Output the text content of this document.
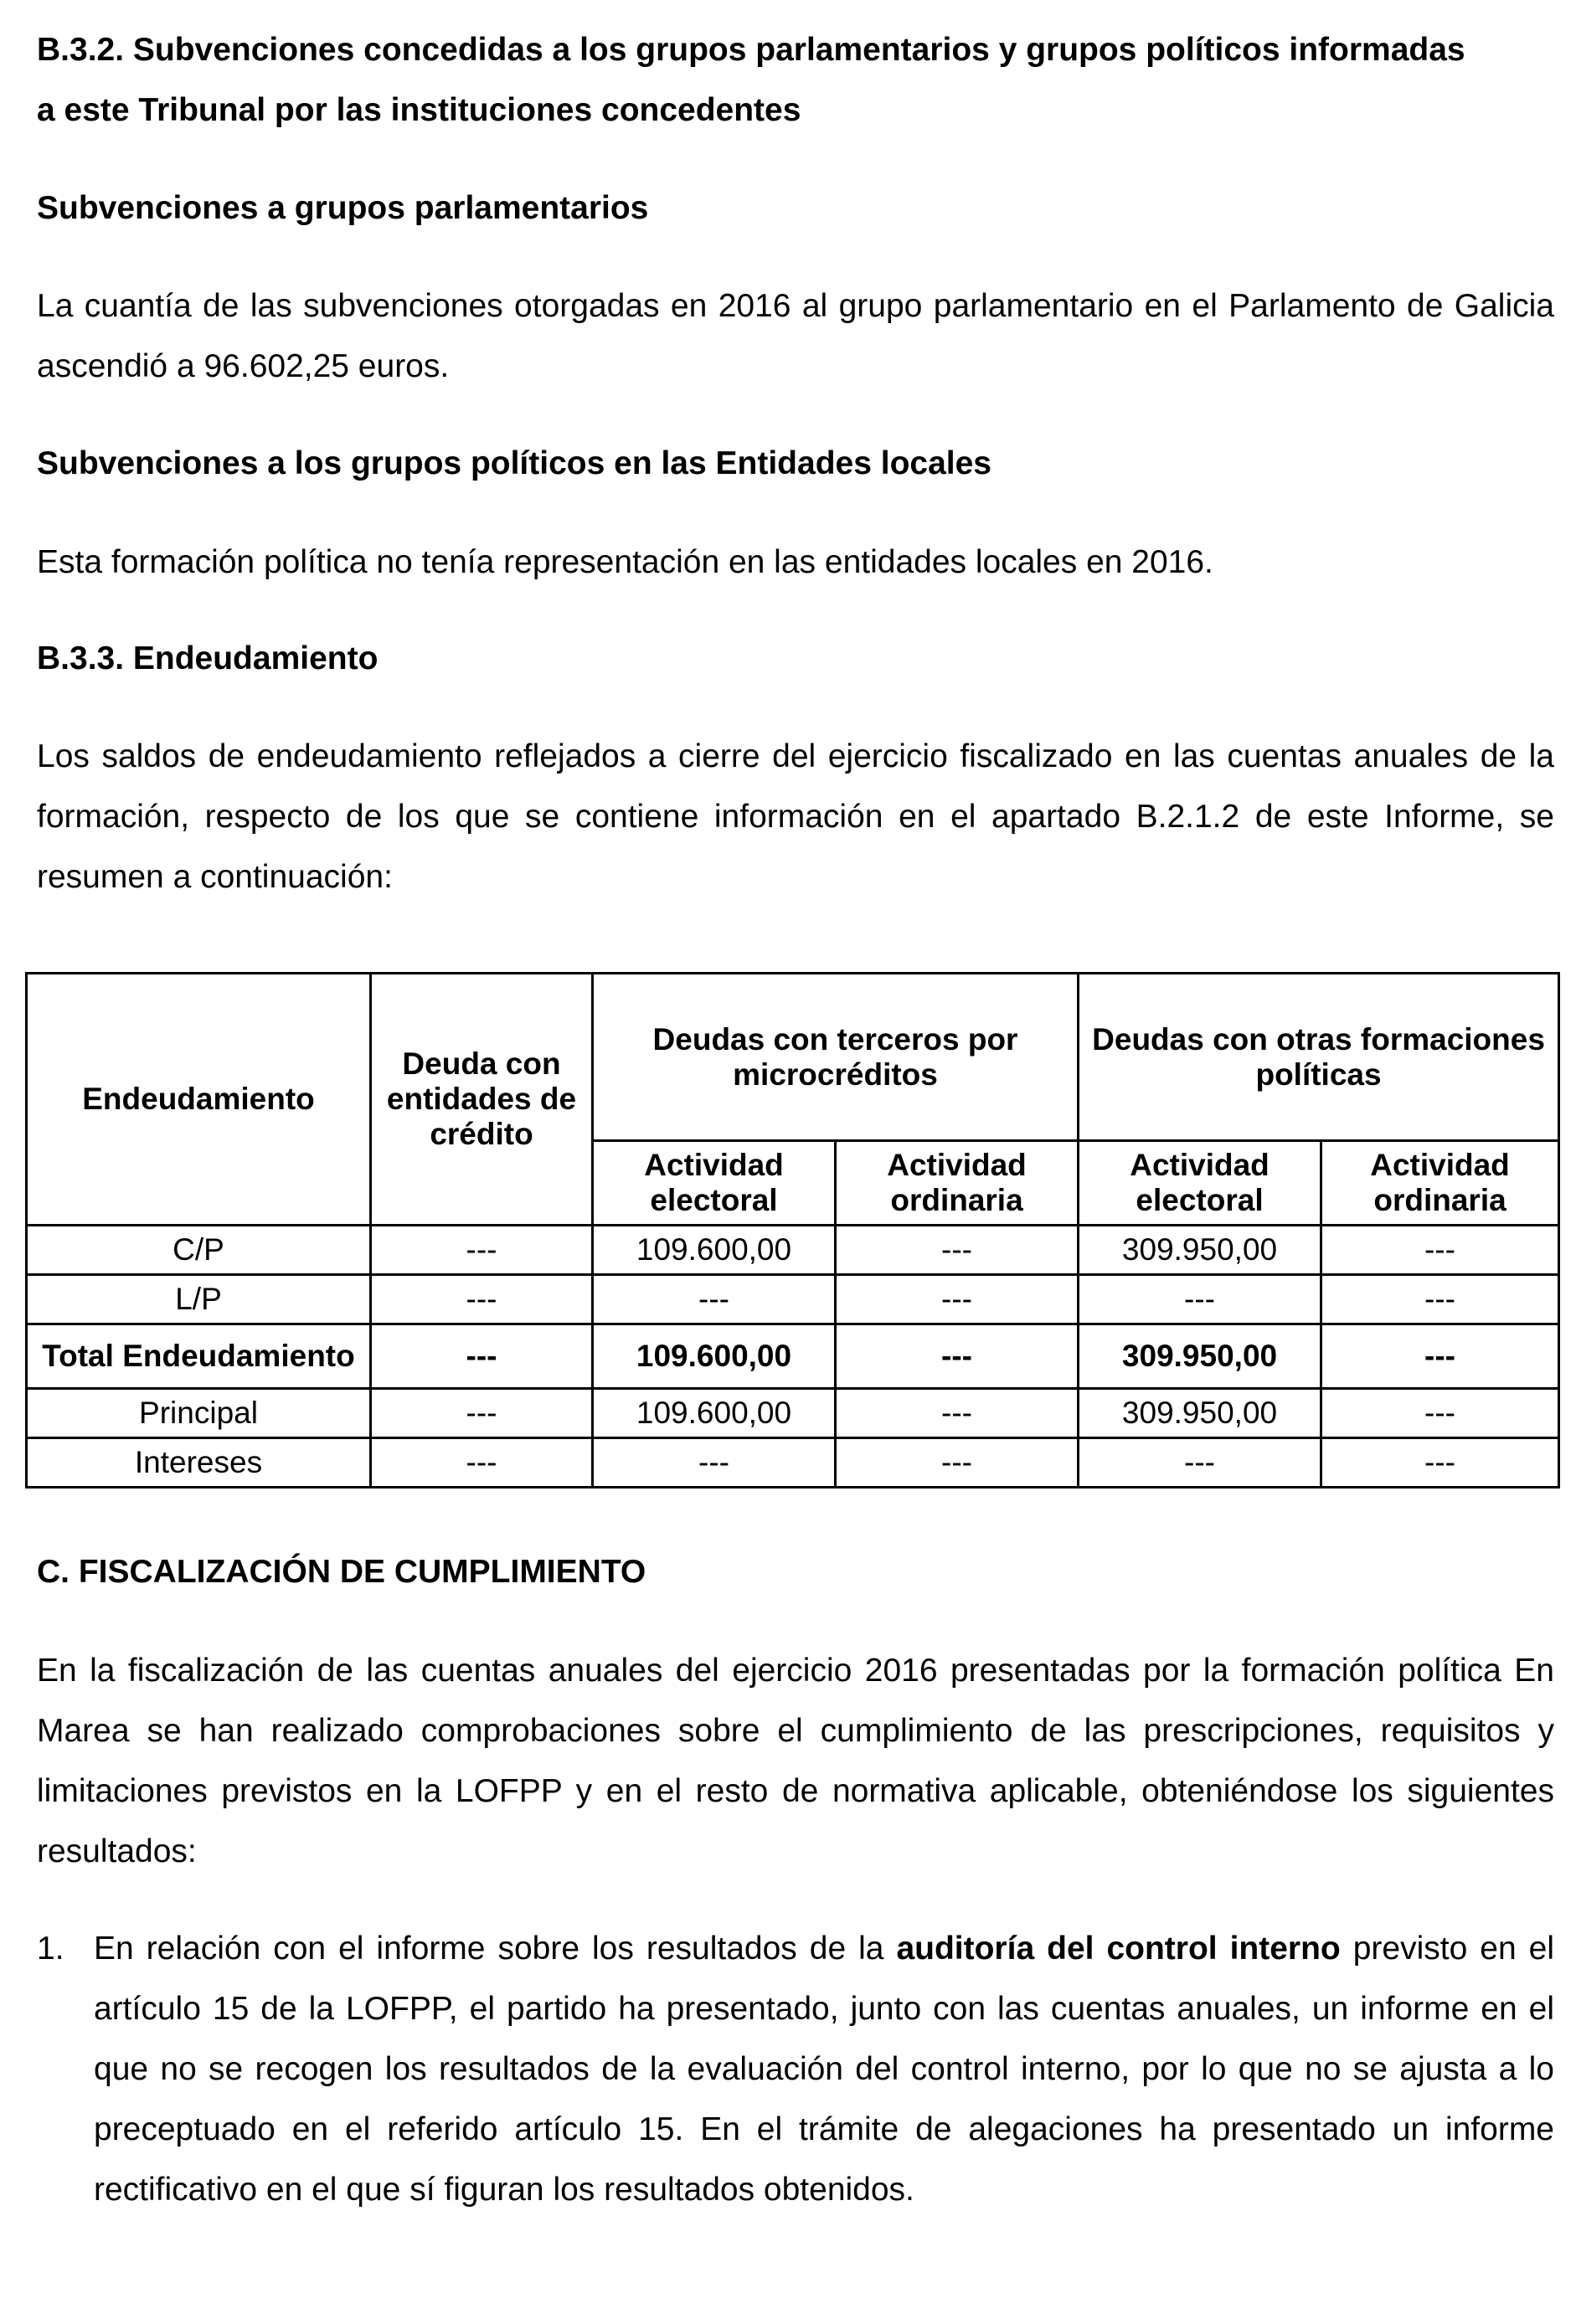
B.3.2. Subvenciones concedidas a los grupos parlamentarios y grupos políticos informadas
a este Tribunal por las instituciones concedentes
Subvenciones a grupos parlamentarios
La cuantía de las subvenciones otorgadas en 2016 al grupo parlamentario en el Parlamento de Galicia ascendió a 96.602,25 euros.
Subvenciones a los grupos políticos en las Entidades locales
Esta formación política no tenía representación en las entidades locales en 2016.
B.3.3. Endeudamiento
Los saldos de endeudamiento reflejados a cierre del ejercicio fiscalizado en las cuentas anuales de la formación, respecto de los que se contiene información en el apartado B.2.1.2 de este Informe, se resumen a continuación:
Endeudamiento	Deuda con entidades de crédito	Deudas con terceros por microcréditos		Deudas con otras formaciones políticas	
		Actividad electoral	Actividad ordinaria	Actividad electoral	Actividad ordinaria
C/P	---	109.600,00	---	309.950,00	---
L/P	---	---	---	---	---
Total Endeudamiento	---	109.600,00	---	309.950,00	---
Principal	---	109.600,00	---	309.950,00	---
Intereses	---	---	---	---	---
C. FISCALIZACIÓN DE CUMPLIMIENTO
En la fiscalización de las cuentas anuales del ejercicio 2016 presentadas por la formación política En Marea se han realizado comprobaciones sobre el cumplimiento de las prescripciones, requisitos y limitaciones previstos en la LOFPP y en el resto de normativa aplicable, obteniéndose los siguientes resultados:
1. En relación con el informe sobre los resultados de la auditoría del control interno previsto en el artículo 15 de la LOFPP, el partido ha presentado, junto con las cuentas anuales, un informe en el que no se recogen los resultados de la evaluación del control interno, por lo que no se ajusta a lo preceptuado en el referido artículo 15. En el trámite de alegaciones ha presentado un informe rectificativo en el que sí figuran los resultados obtenidos.
